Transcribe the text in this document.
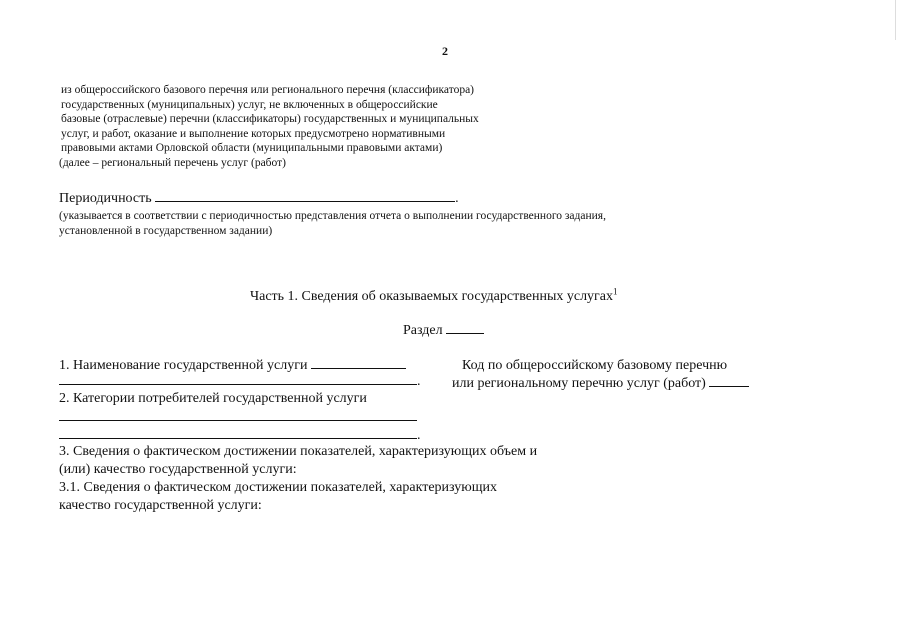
2
из общероссийского базового перечня или регионального перечня (классификатора)
государственных (муниципальных) услуг, не включенных в общероссийские
базовые (отраслевые) перечни (классификаторы) государственных и муниципальных
услуг, и работ, оказание и выполнение которых предусмотрено нормативными
правовыми актами Орловской области (муниципальными правовыми актами)
(далее – региональный перечень услуг (работ)
Периодичность	.
(указывается в соответствии с периодичностью представления отчета о выполнении государственного задания,
установленной в государственном задании)
Часть 1. Сведения об оказываемых государственных услугах$^1$
Раздел
1. Наименование государственной услуги
.
Код по общероссийскому базовому перечню
или региональному перечню услуг (работ)
2. Категории потребителей государственной услуги
.
3. Сведения о фактическом достижении показателей, характеризующих объем и
(или) качество государственной услуги:
3.1. Сведения о фактическом достижении показателей, характеризующих
качество государственной услуги:
